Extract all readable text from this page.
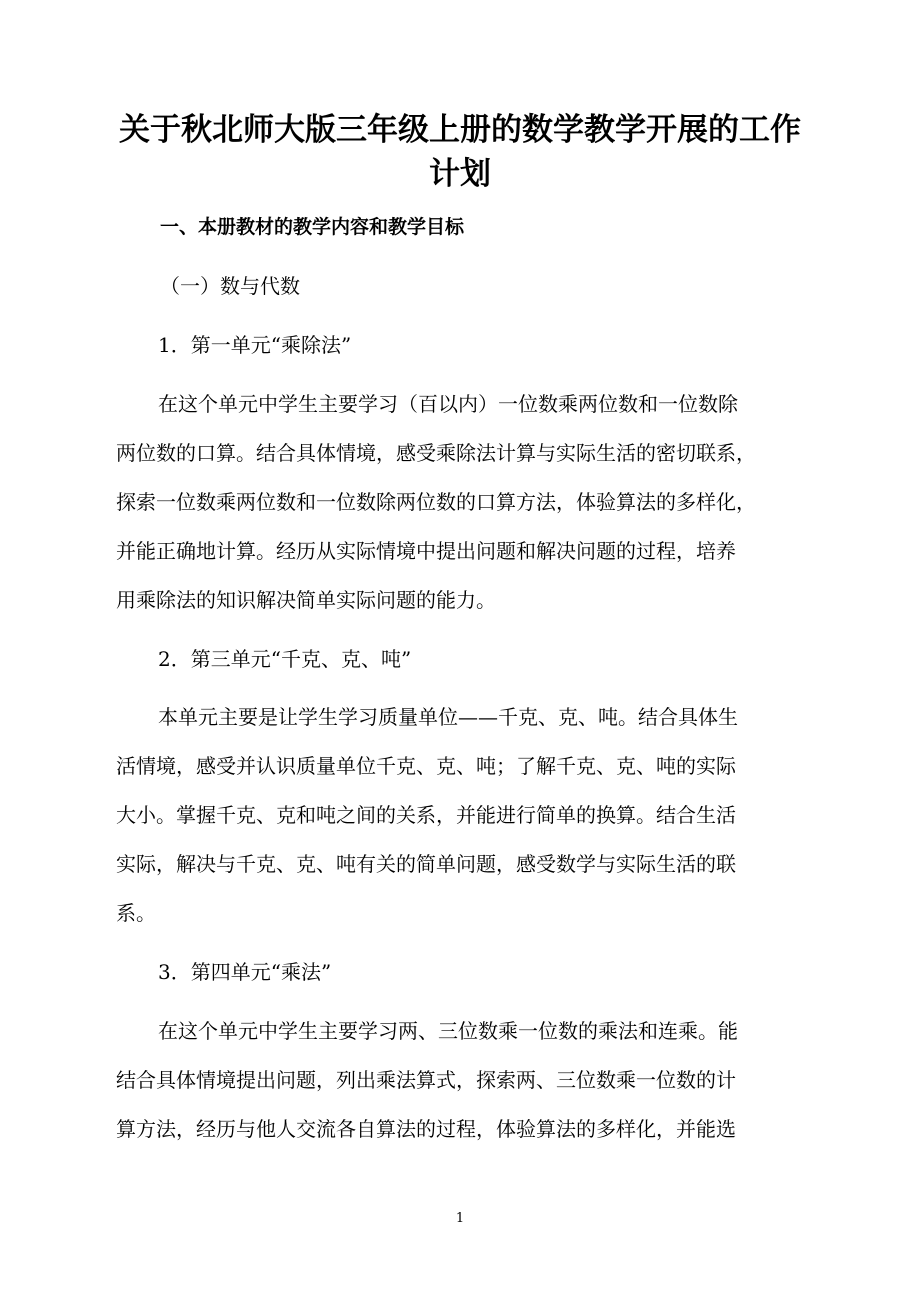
关于秋北师大版三年级上册的数学教学开展的工作
计划
一、本册教材的教学内容和教学目标
（一）数与代数
1．第一单元“乘除法”
在这个单元中学生主要学习（百以内）一位数乘两位数和一位数除
两位数的口算。结合具体情境，感受乘除法计算与实际生活的密切联系，
探索一位数乘两位数和一位数除两位数的口算方法，体验算法的多样化，
并能正确地计算。经历从实际情境中提出问题和解决问题的过程，培养
用乘除法的知识解决简单实际问题的能力。
2．第三单元“千克、克、吨”
本单元主要是让学生学习质量单位——千克、克、吨。结合具体生
活情境，感受并认识质量单位千克、克、吨；了解千克、克、吨的实际
大小。掌握千克、克和吨之间的关系，并能进行简单的换算。结合生活
实际，解决与千克、克、吨有关的简单问题，感受数学与实际生活的联
系。
3．第四单元“乘法”
在这个单元中学生主要学习两、三位数乘一位数的乘法和连乘。能
结合具体情境提出问题，列出乘法算式，探索两、三位数乘一位数的计
算方法，经历与他人交流各自算法的过程，体验算法的多样化，并能选
1
